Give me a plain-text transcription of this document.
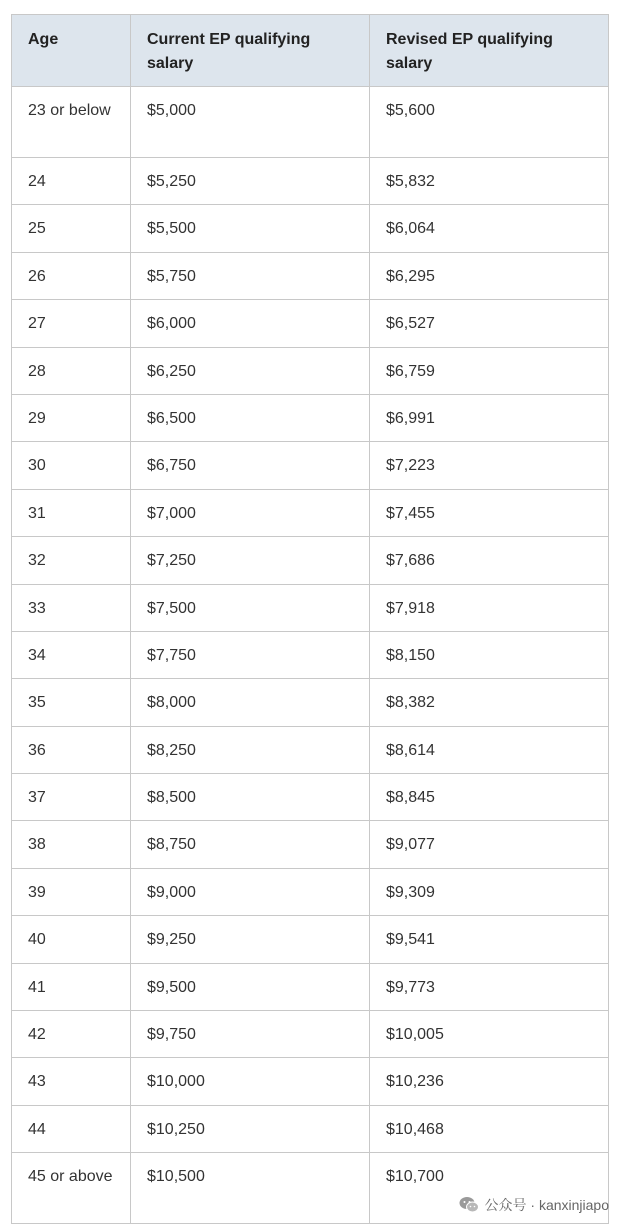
Age	Current EP qualifying salary	Revised EP qualifying salary
23 or below	$5,000	$5,600
24	$5,250	$5,832
25	$5,500	$6,064
26	$5,750	$6,295
27	$6,000	$6,527
28	$6,250	$6,759
29	$6,500	$6,991
30	$6,750	$7,223
31	$7,000	$7,455
32	$7,250	$7,686
33	$7,500	$7,918
34	$7,750	$8,150
35	$8,000	$8,382
36	$8,250	$8,614
37	$8,500	$8,845
38	$8,750	$9,077
39	$9,000	$9,309
40	$9,250	$9,541
41	$9,500	$9,773
42	$9,750	$10,005
43	$10,000	$10,236
44	$10,250	$10,468
45 or above	$10,500	$10,700
公众号 · kanxinjiapo
